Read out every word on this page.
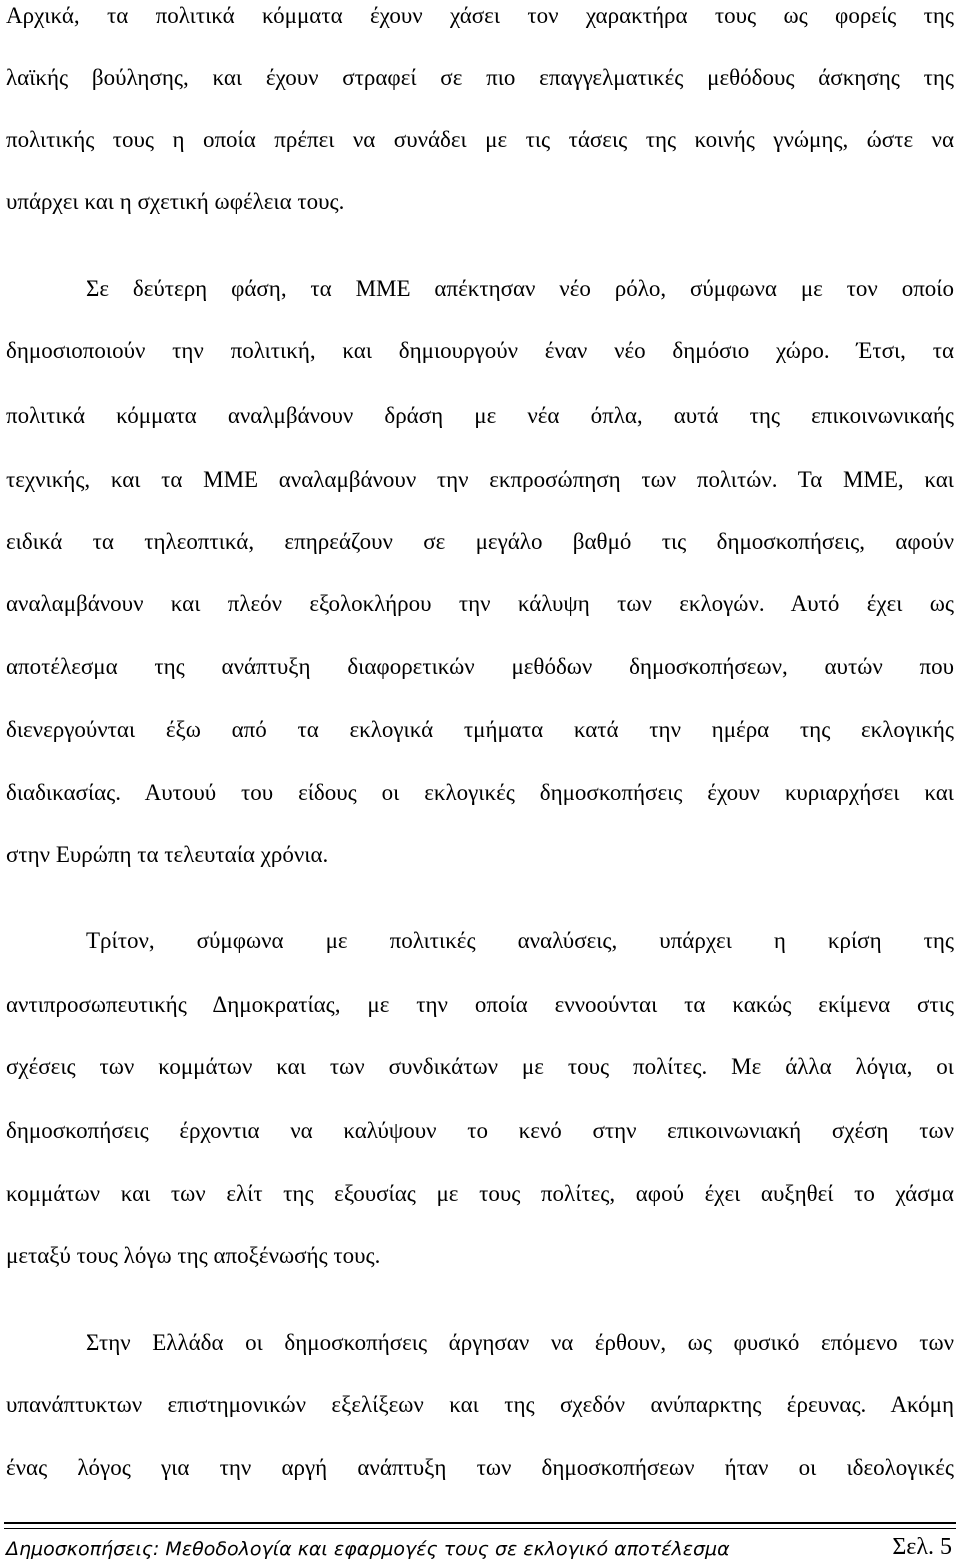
Αρχικά, τα πολιτικά κόμματα έχουν χάσει τον χαρακτήρα τους ως φορείς της
λαϊκής βούλησης, και έχουν στραφεί σε πιο επαγγελματικές μεθόδους άσκησης της
πολιτικής τους η οποία πρέπει να συνάδει με τις τάσεις της κοινής γνώμης, ώστε να
υπάρχει και η σχετική ωφέλεια τους.
Σε δεύτερη φάση, τα ΜΜΕ απέκτησαν νέο ρόλο, σύμφωνα με τον οποίο
δημοσιοποιούν την πολιτική, και δημιουργούν έναν νέο δημόσιο χώρο. Έτσι, τα
πολιτικά κόμματα αναλμβάνουν δράση με νέα όπλα, αυτά της επικοινωνικαής
τεχνικής, και τα ΜΜΕ αναλαμβάνουν την εκπροσώπηση των πολιτών. Τα ΜΜΕ, και
ειδικά τα τηλεοπτικά, επηρεάζουν σε μεγάλο βαθμό τις δημοσκοπήσεις, αφούν
αναλαμβάνουν και πλεόν εξολοκλήρου την κάλυψη των εκλογών. Αυτό έχει ως
αποτέλεσμα της ανάπτυξη διαφορετικών μεθόδων δημοσκοπήσεων, αυτών που
διενεργούνται έξω από τα εκλογικά τμήματα κατά την ημέρα της εκλογικής
διαδικασίας. Αυτουύ του είδους οι εκλογικές δημοσκοπήσεις έχουν κυριαρχήσει και
στην Ευρώπη τα τελευταία χρόνια.
Τρίτον, σύμφωνα με πολιτικές αναλύσεις, υπάρχει η κρίση της
αντιπροσωπευτικής Δημοκρατίας, με την οποία εννοούνται τα κακώς εκίμενα στις
σχέσεις των κομμάτων και των συνδικάτων με τους πολίτες. Με άλλα λόγια, οι
δημοσκοπήσεις έρχοντια να καλύψουν το κενό στην επικοινωνιακή σχέση των
κομμάτων και των ελίτ της εξουσίας με τους πολίτες, αφού έχει αυξηθεί το χάσμα
μεταξύ τους λόγω της αποξένωσής τους.
Στην Ελλάδα οι δημοσκοπήσεις άργησαν να έρθουν, ως φυσικό επόμενο των
υπανάπτυκτων επιστημονικών εξελίξεων και της σχεδόν ανύπαρκτης έρευνας. Ακόμη
ένας λόγος για την αργή ανάπτυξη των δημοσκοπήσεων ήταν οι ιδεολογικές
Δημοσκοπήσεις: Μεθοδολογία και εφαρμογές τους σε εκλογικό αποτέλεσμα	Σελ. 5
